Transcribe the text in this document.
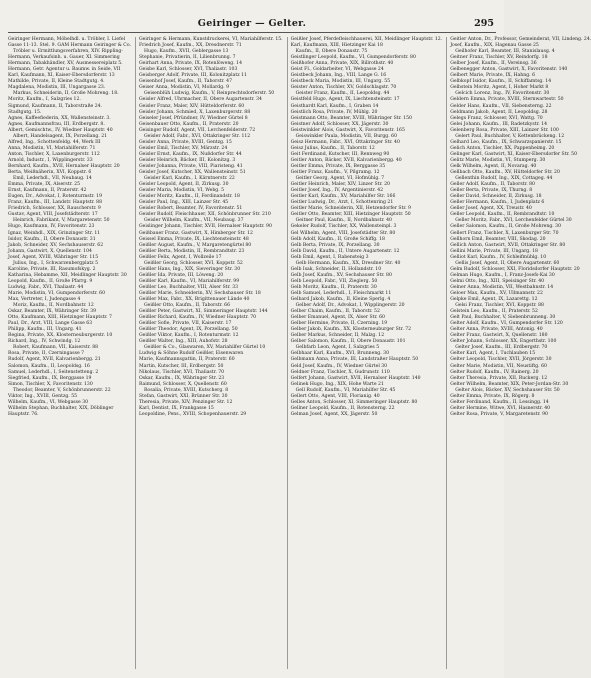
Geiringer — Gelter.	295

Geiringer Hermann, Möbelhdl. u. Tröbler, I. Liefel

Gasse 11-13. Stel. 9. GAM Hermann Geiringer & Co.

Tröbler u. Ermittlungsverfahren, XIV. Rippling-

Hermann, Verkaufsinh. u. Gauer, XI. Simmering

Hermann, Tabakhändler, XV, Ausmessereiplatz 5.

Hermann, Getr. Agentur u. Baumw. in Seide, VII

Karl, Kaufmann, XI, Kaiser-Ebersdorferstr. 13

Mathilde, Private, II, Kleine Stadtgutg. 4.

Magdalena, Modistin, III, Ungargasse 23.

Markus, Schneiderin, II, Große Mohreng. 18.

Moritz, Kaufm., I, Salzgries 12.

Sigmund, Kaufmann, II, Taborstraße 24.

Stadtgutg. 15.

Agnes, Kaffeefiederin, XX, Wallensteinstr. 3.

Agnes, Kaufmannsfrau, III, Erdbergstr. 8.

Albert, Gemischtw., IV, Wiedner Hauptstr. 40

Albert, Handelsagent, IX, Porzellang. 21

Alfred, Ing., Schottenfeldg. 44, Werk III

Anna, Modistin, VI, Mariahilferstr. 71

Anton, Tischler, X, Laxenburgerstr. 112

Arnold, Industr., I, Wipplingerstr. 33

Bernhard, Kaufm., XVII, Hernalser Hauptstr. 20

Berta, Weißnäherin, XVI, Koppstr. 6

Emil, Lederhdl., VII, Neubaug. 14

Emma, Private, IX, Alserstr. 25

Ernst, Kaufmann, II, Praterstr. 42

Eugen, Dr., Advokat, I, Rotenturmstr. 19

Franz, Kaufm., III, Landstr. Hauptstr. 88

Friedrich, Schlosser, XX, Rauscherstr. 9

Gustav, Agent, VIII, Josefstädterstr. 17

Heinrich, Fabrikant, V, Margaretenstr. 50

Hugo, Kaufmann, IV, Favoritenstr. 23

Ignaz, Weinhdl., XIX, Grinzinger Str. 11

Isidor, Kaufm., II, Obere Donaustr. 31

Jakob, Schneider, XV, Sechshauserstr. 62

Johann, Gastwirt, X, Quellenstr. 104

Josef, Agent, XVIII, Währinger Str. 115

Julius, Ing., I, Schwarzenbergplatz 5

Karoline, Private, III, Rasumofskyg. 2

Katharina, Hebamme, XII, Meidlinger Hauptstr. 30

Leopold, Kaufm., II, Große Pfarrg. 9

Ludwig, Fabr., XVI, Thaliastr. 44

Marie, Modistin, VI, Gumpendorferstr. 60

Max, Vertreter, I, Judengasse 4

Moriz, Kaufm., II, Nordbahnstr. 12

Oskar, Beamter, IX, Währinger Str. 39

Otto, Kaufmann, XIII, Hietzinger Hauptstr. 7

Paul, Dr., Arzt, VIII, Lange Gasse 63

Philipp, Kaufm., III, Ungarg. 41

Regina, Private, XX, Klosterneuburgerstr. 10

Richard, Ing., IV, Schwindg. 12

Robert, Kaufmann, VII, Kaiserstr. 88

Rosa, Private, II, Czerningasse 7

Rudolf, Agent, XVII, Kalvarienbergg. 21

Salomon, Kaufm., II, Leopoldsg. 16

Samuel, Lederhdl., I, Seitenstetteng. 2

Siegfried, Kaufm., IX, Berggasse 19

Simon, Tischler, X, Favoritenstr. 130

Theodor, Beamter, V, Schönbrunnerstr. 22

Viktor, Ing., XVIII, Gentzg. 55

Wilhelm, Kaufm., VI, Webgasse 30

Wilhelm Stephan, Buchhalter, XIX, Döblinger

Hauptstr. 76.

Geiringer & Hermann, Kunstdruckerei, VI, Mariahilferstr. 15.

Friedrich Josef, Kaufm., XX, Dresdnerstr. 71

Hugo, Kaufm., XVII, Geblergasse 13

Stephanie, Privatierin, II, Lilienbrunng. 7

Geirhart Anna, Private, IX, Rotenlöweng. 14

Geisbe Karl, Schlosser, XVI, Thaliastr. 103

Geisberger Adolf, Private, III, Kolonitzplatz 11

Geisenhof Josef, Kaufm., II, Taborstr. 47

Geiser Anna, Modistin, VI, Mollardg. 9

Geisenblüh Ludwig, Kaufm., V, Reinprechtsdorferstr. 50

Geisler Alfred, Uhrmacher, II, Obere Augartenstr. 34

Geisler Franz, Maler, XIV, Hütteldorferstr. 60

Geisler Johann, Schmied, X, Laxenburgerstr. 88

Geiseler Josef, Pfründner, IV, Wiedner Gürtel 8

Geisenbauer Otto, Kaufm., II, Praterstr. 20

Geisinger Rudolf, Agent, VII, Lerchenfelderstr. 72

Geisler Adolf, Fabr., XVI, Ottakringer Str. 112

Geisler Anna, Private, XVIII, Gentzg. 15

Geisler Emil, Tischler, XV, Märzstr. 24

Geisler Ernst, Kaufm., IX, Nußdorfer Str. 44

Geisler Heinrich, Bäcker, III, Kolonitzg. 3

Geisler Johanna, Private, VIII, Piaristeng. 41

Geisler Josef, Kutscher, XX, Wallensteinstr. 51

Geisler Karl, Kaufm., I, Kärntnerstr. 22

Geisler Leopold, Agent, II, Zirkusg. 30

Geisler Maria, Modistin, VI, Webg. 5

Geisler Moritz, Kaufm., II, Ferdinandstr. 18

Geisler Paul, Ing., XIII, Lainzer Str. 45

Geisler Robert, Beamter, IV, Favoritenstr. 51

Geisler Rudolf, Fleischhauer, XII, Schönbrunner Str. 210

Geisler Wilhelm, Kaufm., VII, Neubaug. 37

Geislinger Johann, Tischler, XVII, Hernalser Hauptstr. 90

Geißbauer Franz, Gastwirt, X, Himberger Str. 12

Geissel Emma, Private, IX, Liechtensteinstr. 48

Geißler August, Kaufm., V, Margaretengürtel 80

Geißler Berta, Modistin, II, Rembrandtstr. 23

Geißler Felix, Agent, I, Wollzeile 17

Geißler Georg, Schlosser, XVI, Koppstr. 52

Geißler Hans, Ing., XIX, Sieveringer Str. 30

Geißler Ida, Private, III, Löweng. 20

Geißler Karl, Kaufm., VI, Mariahilferstr. 99

Geißler Leo, Buchhalter, VIII, Alser Str. 33

Geißler Marie, Schneiderin, XV, Sechshauser Str. 18

Geißler Max, Fabr., XX, Brigittenauer Lände 40

Geißler Otto, Kaufm., II, Taborstr. 66

Geißler Peter, Gastwirt, XI, Simmeringer Hauptstr. 144

Geißler Richard, Kaufm., IV, Wiedner Hauptstr. 70

Geißler Sofie, Private, VII, Kaiserstr. 17

Geißler Theodor, Agent, IX, Porzellang. 50

Geißler Viktor, Kaufm., I, Rotenturmstr. 12

Geißler Walter, Ing., XIII, Auhofstr. 28

Geißler & Co., Glaswaren, XV, Mariahilfer Gürtel 10

Ludwig & Söhne Rudolf Geißler, Eisenwaren

Marie, Kaufmannsgattin, II, Praterstr. 60

Martin, Kutscher, III, Erdbergstr. 50

Nikolaus, Tischler, XVI, Thaliastr. 70

Oskar, Kaufm., IX, Währinger Str. 23

Raimund, Schlosser, X, Quellenstr. 60

Rosalia, Private, XVIII, Kutscherg. 8

Stefan, Gastwirt, XXI, Brünner Str. 30

Theresia, Private, XIV, Penzinger Str. 12

Karl, Dentist, IX, Frankgasse 15

Leopoldine, Pens., XVIII, Schopenhauerstr. 29

Geißler Josef, Pferdefleischhauerei, XII, Meidlinger Hauptstr. 12.

Karl, Kaufmann, XIII, Hietzinger Kai 18

Kaufm., II, Obere Donaustr. 75

Geistlinger Leopold, Kaufm., VI, Gumpendorferstr. 80

Geißhofer Anna, Private, XIX, Billrothstr. 40

Geist Fl., Goldarbeiter, VI, Webgasse 24

Geistbeck Johann, Ing., VIII, Lange G. 16

Geistbeck Maria, Modistin, III, Ungarg. 55

Geister Anton, Tischler, XV, Goldschlagstr. 70

Geister Franz, Kaufm., II, Leopoldsg. 44

Geistfeld Hugo, Agent, IX, Liechtensteinstr. 17

Geisthardt Karl, Kaufm., I, Graben 14

Geistlich Rosa, Private, IV, Mühlg. 20

Geistmann Otto, Beamter, XVIII, Währinger Str. 150

Geistner Adolf, Schlosser, XX, Jägerstr. 30

Geistwinkler Alois, Gastwirt, X, Favoritenstr. 165

Geiswinkler Paula, Modistin, VII, Burgg. 60

Geisz Hermann, Fabr., XVI, Ottakringer Str. 40

Geisz Julius, Kaufm., II, Taborstr. 12

Geit Ferdinand, Kutscher, III, Rennweg 90

Geitler Anton, Bäcker, XVII, Kalvarienbergg. 40

Geitler Emma, Private, IX, Berggasse 35

Geitler Franz, Kaufm., V, Pilgramg. 12

Geitler Georg, Agent, VI, Hofmühlg. 7

Geitler Heinrich, Maler, XIV, Linzer Str. 20

Geitler Josef, Ing., IV, Argentinierstr. 42

Geitler Karl, Kaufm., XV, Mariahilfer Str. 166

Geitler Ludwig, Dr., Arzt, I, Schottenring 21

Geitler Marie, Schneiderin, XII, Hetzendorfer Str. 9

Geitler Otto, Beamter, XIII, Hietzinger Hauptstr. 50

Geitner Paul, Kaufm., II, Nordbahnstr. 40

Gekeler Rudolf, Tischler, XX, Wallensteinpl. 3

Gel Wilhelm, Agent, VIII, Josefstädter Str. 80

Gelb Adolf, Kaufm., II, Große Schiffg. 18

Gelb Berta, Private, IX, Porzellang. 30

Gelb David, Kaufm., II, Untere Augartenstr. 12

Gelb Emil, Agent, I, Rabensteig 3

Gelb Hermann, Kaufm., XX, Dresdner Str. 40

Gelb Isak, Schneider, II, Hollandstr. 10

Gelb Josef, Kaufm., XV, Sechshauser Str. 80

Gelb Leopold, Fabr., VII, Zieglerg. 50

Gelb Moritz, Kaufm., II, Praterstr. 30

Gelb Samuel, Lederhdl., I, Fleischmarkt 11

Gelbard Jakob, Kaufm., II, Kleine Sperlg. 4

Gelber Adolf, Dr., Advokat, I, Wipplingerstr. 20

Gelber Chaim, Kaufm., II, Taborstr. 52

Gelber Emanuel, Agent, IX, Alser Str. 60

Gelber Hermine, Private, II, Czerning. 19

Gelber Jakob, Kaufm., XX, Klosterneuburger Str. 72

Gelber Markus, Schneider, II, Malzg. 12

Gelber Salomon, Kaufm., II, Obere Donaustr. 101

Gelbfarb Leon, Agent, I, Salzgries 5

Gelbhaar Karl, Kaufm., XVI, Brunneng. 30

Gelbmann Anna, Private, III, Landstraßer Hauptstr. 50

Geld Josef, Kaufm., IV, Wiedner Gürtel 30

Geldner Franz, Tischler, X, Gudrunstr. 110

Gelfert Johann, Gastwirt, XVII, Hernalser Hauptstr. 140

Gelinek Hugo, Ing., XIX, Hohe Warte 21

Gell Rudolf, Kaufm., VI, Mariahilfer Str. 45

Gellert Otto, Agent, VIII, Florianig. 40

Gelles Anton, Schlosser, XI, Simmeringer Hauptstr. 80

Gellner Leopold, Kaufm., II, Rotensterng. 22

Gelman Josef, Agent, XX, Jägerstr. 50

Geitler Anton, Dr., Professor, Gemeinderat, VII, Lindeng. 24.

Josef, Kaufm., XIX, Hagenau Gasse 25

Geilhofer Karl, Beamter, III, Stanislausg. 4

Geitner Franz, Tischler, XV, Reindorfg. 18

Gelber Josef, Kaufm., II, Vereinsg. 36

Gelbenegger Anton, Gastwirt, X, Favoritenstr. 140

Gelbert Marie, Private, IX, Hahng. 6

Gelbkopf Isidor, Kaufm., II, Schiffamtsg. 14

Gelbstein Moritz, Agent, I, Hoher Markt 8

Gelcich Lorenz, Ing., IV, Favoritenstr. 30

Geldern Emma, Private, XVIII, Sternwartestr. 50

Gelder Hans, Kaufm., VII, Siebensterng. 22

Geldmann Jakob, Agent, II, Leopoldsg. 28

Gelegs Franz, Schlosser, XVI, Wattg. 70

Gelei Johann, Kaufm., III, Radetzkystr. 14

Gelenberg Rosa, Private, XIII, Lainzer Str. 100

Gelert Paul, Buchhalter, V, Kettenbrückeng. 12

Gelhard Leo, Kaufm., IX, Schwarzspanierstr. 15

Gelich Anton, Tischler, XX, Pappenheimg. 20

Gelinger Karl, Gastwirt, XI, Kaiser-Ebersdorfer Str. 50

Gelitz Marie, Modistin, VI, Stumperg. 30

Gelk Wilhelm, Agent, II, Novarag. 40

Gellbach Otto, Kaufm., XV, Hütteldorfer Str. 20

Gellenthin Rudolf, Ing., XIX, Cottageg. 44

Geller Adolf, Kaufm., II, Taborstr. 80

Geller Berta, Private, IX, Thurng. 8

Geller David, Schneider, II, Zirkusg. 18

Geller Hermann, Kaufm., I, Judenplatz 6

Geller Josef, Agent, XX, Treustr. 40

Geller Leopold, Kaufm., II, Rembrandtstr. 10

Geller Moritz, Fabr., XVI, Lerchenfelder Gürtel 30

Geller Salomon, Kaufm., II, Große Mohreng. 30

Gellert Franz, Tischler, X, Laxenburger Str. 70

Gellhorn Emil, Beamter, VIII, Skodag. 20

Gellich Anton, Gastwirt, XVII, Ottakringer Str. 80

Gellini Marie, Private, III, Ungarg. 18

Gelliot Karl, Kaufm., IV, Schleifmühlg. 10

Gellis Josef, Agent, II, Obere Augartenstr. 60

Gelm Rudolf, Schlosser, XXI, Floridsdorfer Hauptstr. 20

Gelman Hugo, Kaufm., I, Franz-Josefs-Kai 30

Gelmi Otto, Ing., XIII, Speisinger Str. 40

Gelner Anna, Modistin, VII, Westbahnstr. 14

Geloer Max, Kaufm., XV, Ullmannstr. 22

Gelpke Emil, Agent, IX, Lazarettg. 12

Gelsi Franz, Tischler, XVI, Koppstr. 88

Gelstein Leo, Kaufm., II, Praterstr. 52

Gelt Paul, Buchhalter, V, Siebenbrunneng. 30

Gelter Adolf, Kaufm., VI, Gumpendorfer Str. 120

Gelter Anna, Private, XVIII, Antonig. 40

Gelter Franz, Gastwirt, X, Quellenstr. 180

Gelter Johann, Schlosser, XX, Engerthstr. 100

Gelter Josef, Kaufm., III, Erdbergstr. 70

Gelter Karl, Agent, I, Tuchlauben 15

Gelter Leopold, Tischler, XVII, Jörgerstr. 30

Gelter Marie, Modistin, VII, Neustiftg. 60

Gelter Rudolf, Kaufm., IV, Rainerg. 20

Gelter Theresia, Private, XII, Ruckerg. 12

Gelter Wilhelm, Beamter, XIX, Peter-Jordan-Str. 30

Gelter Alois, Bäcker, XV, Sechshauser Str. 50

Gelter Emma, Private, IX, Rögerg. 8

Gelter Ferdinand, Kaufm., II, Lessingg. 14

Gelter Hermine, Witwe, XVI, Hasnerstr. 40

Gelter Rosa, Private, V, Margaretenstr. 90
